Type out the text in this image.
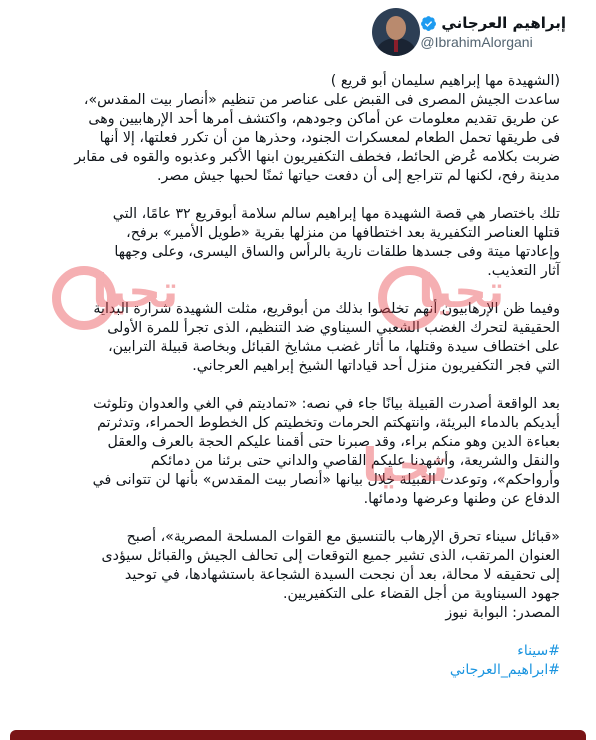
إبراهيم العرجاني
@IbrahimAlorgani
(الشهيدة مها إبراهيم سليمان أبو قريع )
ساعدت الجيش المصرى فى القبض على عناصر من تنظيم «أنصار بيت المقدس»،
عن طريق تقديم معلومات عن أماكن وجودهم، واكتشف أمرها أحد الإرهابيين وهى
فى طريقها تحمل الطعام لمعسكرات الجنود، وحذرها من أن تكرر فعلتها، إلا أنها
ضربت بكلامه عُرض الحائط، فخطف التكفيريون ابنها الأكبر وعذبوه والقوه فى مقابر
مدينة رفح، لكنها لم تتراجع إلى أن دفعت حياتها ثمنًا لحبها جيش مصر.
تلك باختصار هي قصة الشهيدة مها إبراهيم سالم سلامة أبوقريع ٣٢ عامًا، التي
قتلها العناصر التكفيرية بعد اختطافها من منزلها بقرية «طويل الأمير» برفح،
وإعادتها ميتة وفى جسدها طلقات نارية بالرأس والساق اليسرى، وعلى وجهها
آثار التعذيب.
وفيما ظن الإرهابيون أنهم تخلصوا بذلك من أبوقريع، مثلت الشهيدة شرارة البداية
الحقيقية لتحرك الغضب الشعبي السيناوي ضد التنظيم، الذى تجرأ للمرة الأولى
على اختطاف سيدة وقتلها، ما أثار غضب مشايخ القبائل وبخاصة قبيلة الترابين،
التي فجر التكفيريون منزل أحد قياداتها الشيخ إبراهيم العرجاني.
بعد الواقعة أصدرت القبيلة بيانًا جاء في نصه: «تماديتم في الغي والعدوان وتلوثت
أيديكم بالدماء البريئة، وانتهكتم الحرمات وتخطيتم كل الخطوط الحمراء، وتدثرتم
بعباءة الدين وهو منكم براء، وقد صبرنا حتى أقمنا عليكم الحجة بالعرف والعقل
والنقل والشريعة، وأشهدنا عليكم القاصي والداني حتى برئنا من دمائكم
وأرواحكم»، وتوعدت القبيلة خلال بيانها «أنصار بيت المقدس» بأنها لن تتوانى في
الدفاع عن وطنها وعرضها ودمائها.
«قبائل سيناء تحرق الإرهاب بالتنسيق مع القوات المسلحة المصرية»، أصبح
العنوان المرتقب، الذى تشير جميع التوقعات إلى تحالف الجيش والقبائل سيؤدى
إلى تحقيقه لا محالة، بعد أن نجحت السيدة الشجاعة باستشهادها، في توحيد
جهود السيناوية من أجل القضاء على التكفيريين.
المصدر: البوابة نيوز
#سيناء
#ابراهيم_العرجاني
تحيا	تحيا
تحيا
